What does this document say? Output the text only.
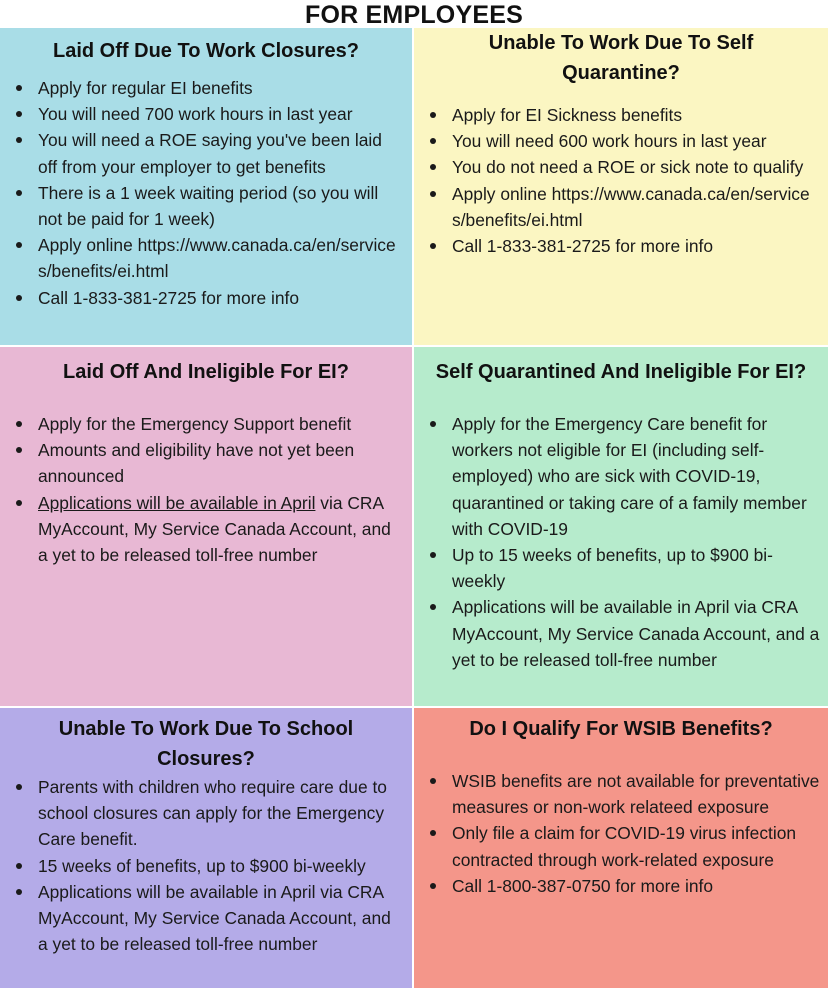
FOR EMPLOYEES
Laid Off Due To Work Closures?
Apply for regular EI benefits
You will need 700 work hours in last year
You will need a ROE saying you've been laid off from your employer to get benefits
There is a 1 week waiting period (so you will not be paid for 1 week)
Apply online https://www.canada.ca/en/services/benefits/ei.html
Call 1-833-381-2725 for more info
Unable To Work Due To Self Quarantine?
Apply for EI Sickness benefits
You will need 600 work hours in last year
You do not need a ROE or sick note to qualify
Apply online https://www.canada.ca/en/services/benefits/ei.html
Call 1-833-381-2725 for more info
Laid Off And Ineligible For EI?
Apply for the Emergency Support benefit
Amounts and eligibility have not yet been announced
Applications will be available in April via CRA MyAccount, My Service Canada Account, and a yet to be released toll-free number
Self Quarantined And Ineligible For EI?
Apply for the Emergency Care benefit for workers not eligible for EI (including self-employed) who are sick with COVID-19, quarantined or taking care of a family member with COVID-19
Up to 15 weeks of benefits, up to $900 bi-weekly
Applications will be available in April via CRA MyAccount, My Service Canada Account, and a yet to be released toll-free number
Unable To Work Due To School Closures?
Parents with children who require care due to school closures can apply for the Emergency Care benefit.
15 weeks of benefits, up to $900 bi-weekly
Applications will be available in April via CRA MyAccount, My Service Canada Account, and a yet to be released toll-free number
Do I Qualify For WSIB Benefits?
WSIB benefits are not available for preventative measures or non-work relateed exposure
Only file a claim for COVID-19 virus infection contracted through work-related exposure
Call 1-800-387-0750 for more info
